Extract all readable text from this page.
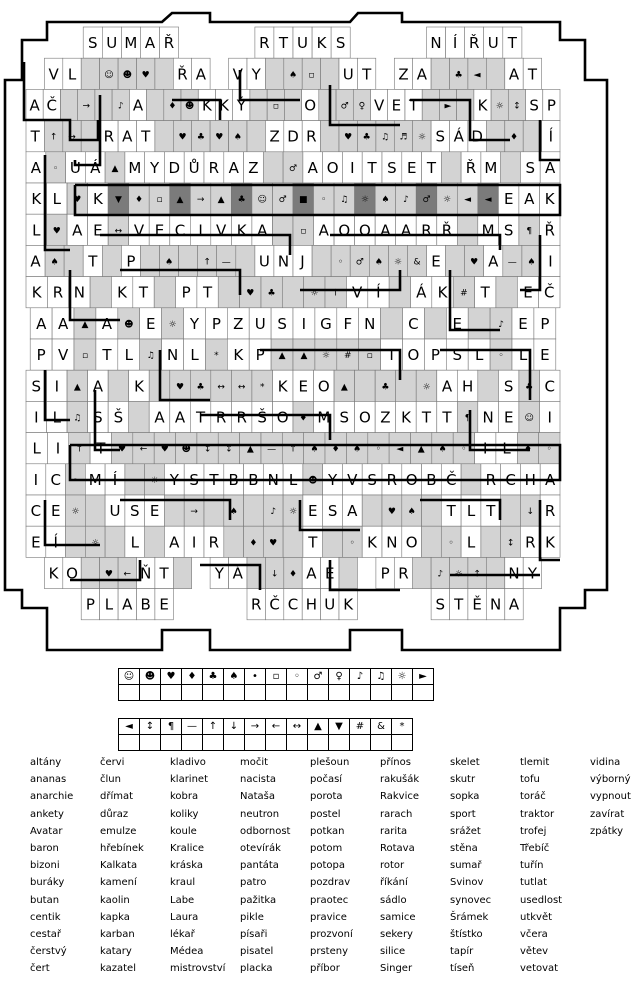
S U M A Ř	R T U K S	N Í Ř U T
V L	☺ ☻ ♥ Ř A V Y	♠ ▫ U T Z A	♣ ◄ A T
A Č	→	♪ A	♦ ☻ K K Ý	▫ O	♂ ♀ V E T	► K ☼ ↕ S P
T ↑ ↔ R A T	♥ ♣ ♥ ♠ Z D R	♥ ♣ ♫ ♬ ☼ S Á D	♦ Í
A ◦ U Á ▲ M Y D Ů R A Z	♂ A O I T S E T Ř M S A
K L ♥ K ▼ ♦ ▫ ▲ → ▲ ♣ ☺ ♂ ■ ◦ ♫ ☼ ♠ ♪ ♂ ☼ ◄ ◄ E A K
L ♥ A E ↔ V E C I V K A	▫ A O O A A R Ř M S ¶ Ř
A ♠ T P	♠	↑ — U N J	◦ ♂ ♠ ☼ & E	♥ A — ♠ I
K R N K T P T	♥ ♣	☼ ↑ V Í Á K # T E Č
A A ▲ A ☻ E ☼ Y P Z U S I G F N C E	♪ E P
P V ▫ T L ♫ N L * K P ▲ ▲ ☼ # ▫ T O P S L ◦ L E
S I ▲ A K	♥ ♣ ↔ ↔ * K E O ▲	♣	☼ A H S ♣ C
I L ♫ S Š A A T R R Š O ♦ M S O Z K T T ¶ N E ☺ I
L I ↑ T ♥ ← ♥ ☻ ↕ ↕ ▲ — ↑ ♠ ♦ ♠ ◦ ◄ ▲ ♠ ◦ I L ♦ ◦
I C ◦ M Í	☼ Y S T B B N L ☻ Y V S R O B Č R C H A
C E ☼ U S E	→	♠	♪ ☼ E S A	♥ ♠ T L T	↓ R
E Í	☼ L A I R	♦ ♥ T	◦ K N O	◦ L	↕ R K
K O	♥ ← Ň T	Y Á	↓ ♦ A E	P R	♪ ☼ ↑ N Y
P L A B E	R Č C H U K	S T Ě N A
☺	☻	♥	♦	♣	♠	•	▫	◦	♂	♀	♪	♫	☼	►

◄	↕	¶	—	↑	↓	→	←	↔	▲	▼	#	&	*

altány
ananas
anarchie
ankety
Avatar
baron
bizoni
buráky
butan
centik
cestař
čerstvý
čert
červi
člun
dřímat
důraz
emulze
hřebínek
Kalkata
kamení
kaolin
kapka
karban
katary
kazatel
kladivo
klarinet
kobra
koliky
koule
Kralice
kráska
kraul
Labe
Laura
lékař
Médea
mistrovství
močit
nacista
Nataša
neutron
odbornost
otevírák
pantáta
patro
pažitka
pikle
písaři
pisatel
placka
plešoun
počasí
porota
postel
potkan
potom
potopa
pozdrav
praotec
pravice
prozvoní
prsteny
příbor
přínos
rakušák
Rakvice
rarach
rarita
Rotava
rotor
říkání
sádlo
samice
sekery
silice
Singer
skelet
skutr
sopka
sport
srážet
stěna
sumař
Svinov
synovec
Šrámek
štístko
tapír
tíseň
tlemit
tofu
toráč
traktor
trofej
Třebíč
tuřín
tutlat
usedlost
utkvět
včera
větev
vetovat
vidina
výborný
vypnout
zavírat
zpátky
